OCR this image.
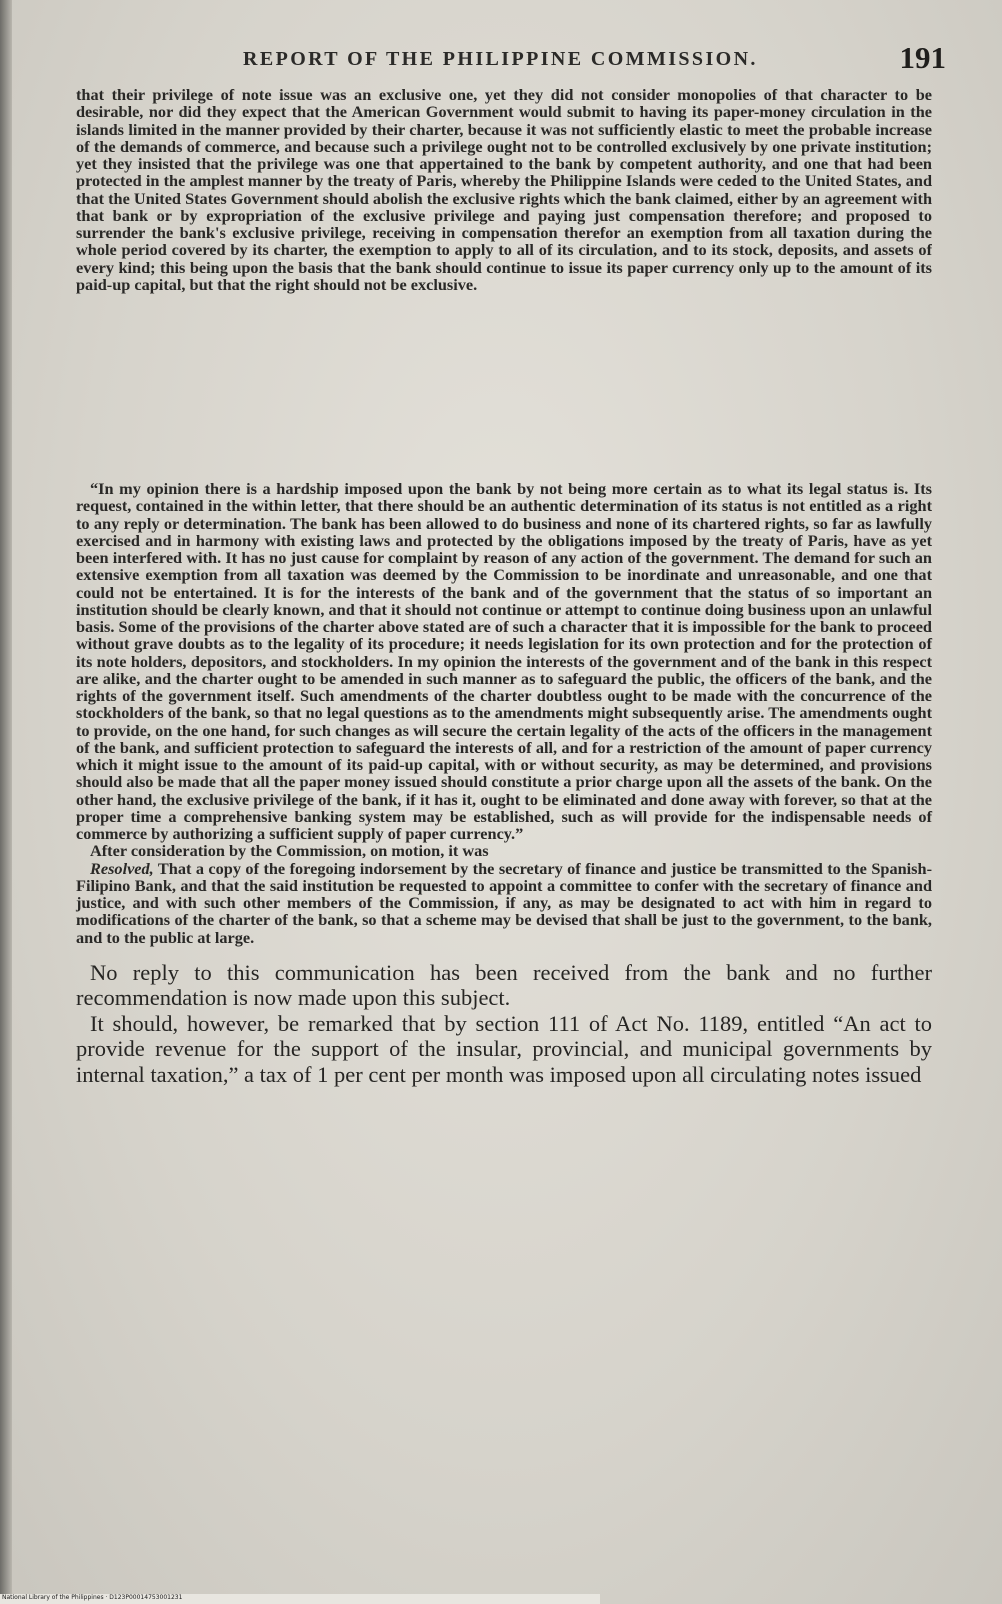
REPORT OF THE PHILIPPINE COMMISSION.	191

that their privilege of note issue was an exclusive one, yet they did not consider monopolies of that character to be desirable, nor did they expect that the American Government would submit to having its paper-money circulation in the islands limited in the manner provided by their charter, because it was not sufficiently elastic to meet the probable increase of the demands of commerce, and because such a privilege ought not to be controlled exclusively by one private institution; yet they insisted that the privilege was one that appertained to the bank by competent authority, and one that had been protected in the amplest manner by the treaty of Paris, whereby the Philippine Islands were ceded to the United States, and that the United States Government should abolish the exclusive rights which the bank claimed, either by an agreement with that bank or by expropriation of the exclusive privilege and paying just compensation therefore; and proposed to surrender the bank's exclusive privilege, receiving in compensation therefor an exemption from all taxation during the whole period covered by its charter, the exemption to apply to all of its circulation, and to its stock, deposits, and assets of every kind; this being upon the basis that the bank should continue to issue its paper currency only up to the amount of its paid-up capital, but that the right should not be exclusive.

“In my opinion there is a hardship imposed upon the bank by not being more certain as to what its legal status is. Its request, contained in the within letter, that there should be an authentic determination of its status is not entitled as a right to any reply or determination. The bank has been allowed to do business and none of its chartered rights, so far as lawfully exercised and in harmony with existing laws and protected by the obligations imposed by the treaty of Paris, have as yet been interfered with. It has no just cause for complaint by reason of any action of the government. The demand for such an extensive exemption from all taxation was deemed by the Commission to be inordinate and unreasonable, and one that could not be entertained. It is for the interests of the bank and of the government that the status of so important an institution should be clearly known, and that it should not continue or attempt to continue doing business upon an unlawful basis. Some of the provisions of the charter above stated are of such a character that it is impossible for the bank to proceed without grave doubts as to the legality of its procedure; it needs legislation for its own protection and for the protection of its note holders, depositors, and stockholders. In my opinion the interests of the government and of the bank in this respect are alike, and the charter ought to be amended in such manner as to safeguard the public, the officers of the bank, and the rights of the government itself. Such amendments of the charter doubtless ought to be made with the concurrence of the stockholders of the bank, so that no legal questions as to the amendments might subsequently arise. The amendments ought to provide, on the one hand, for such changes as will secure the certain legality of the acts of the officers in the management of the bank, and sufficient protection to safeguard the interests of all, and for a restriction of the amount of paper currency which it might issue to the amount of its paid-up capital, with or without security, as may be determined, and provisions should also be made that all the paper money issued should constitute a prior charge upon all the assets of the bank. On the other hand, the exclusive privilege of the bank, if it has it, ought to be eliminated and done away with forever, so that at the proper time a comprehensive banking system may be established, such as will provide for the indispensable needs of commerce by authorizing a sufficient supply of paper currency.”

After consideration by the Commission, on motion, it was

Resolved, That a copy of the foregoing indorsement by the secretary of finance and justice be transmitted to the Spanish-Filipino Bank, and that the said institution be requested to appoint a committee to confer with the secretary of finance and justice, and with such other members of the Commission, if any, as may be designated to act with him in regard to modifications of the charter of the bank, so that a scheme may be devised that shall be just to the government, to the bank, and to the public at large.

No reply to this communication has been received from the bank and no further recommendation is now made upon this subject.

It should, however, be remarked that by section 111 of Act No. 1189, entitled “An act to provide revenue for the support of the insular, provincial, and municipal governments by internal taxation,” a tax of 1 per cent per month was imposed upon all circulating notes issued

National Library of the Philippines · D123P00014753001231
